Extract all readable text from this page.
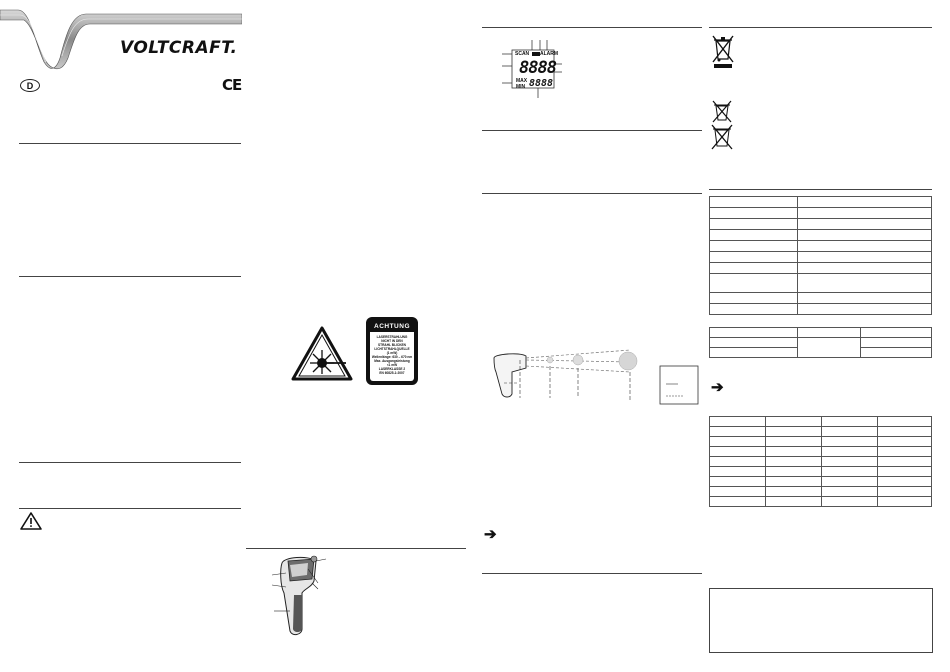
VOLTCRAFT.
D	CE
ACHTUNG
LASERSTRAHLUNG
NICHT IN DEN
STRAHL BLICKEN
LICHTSTRAHLQUELLE
(1 mW)
Wellenlänge: 630 – 670 nm
Max. Ausgangsleistung
<1 mW
LASERKLASSE 2
EN 60825-1:2007
SCAN ALARM
8888
MAX
MIN 8888
➔

➔
